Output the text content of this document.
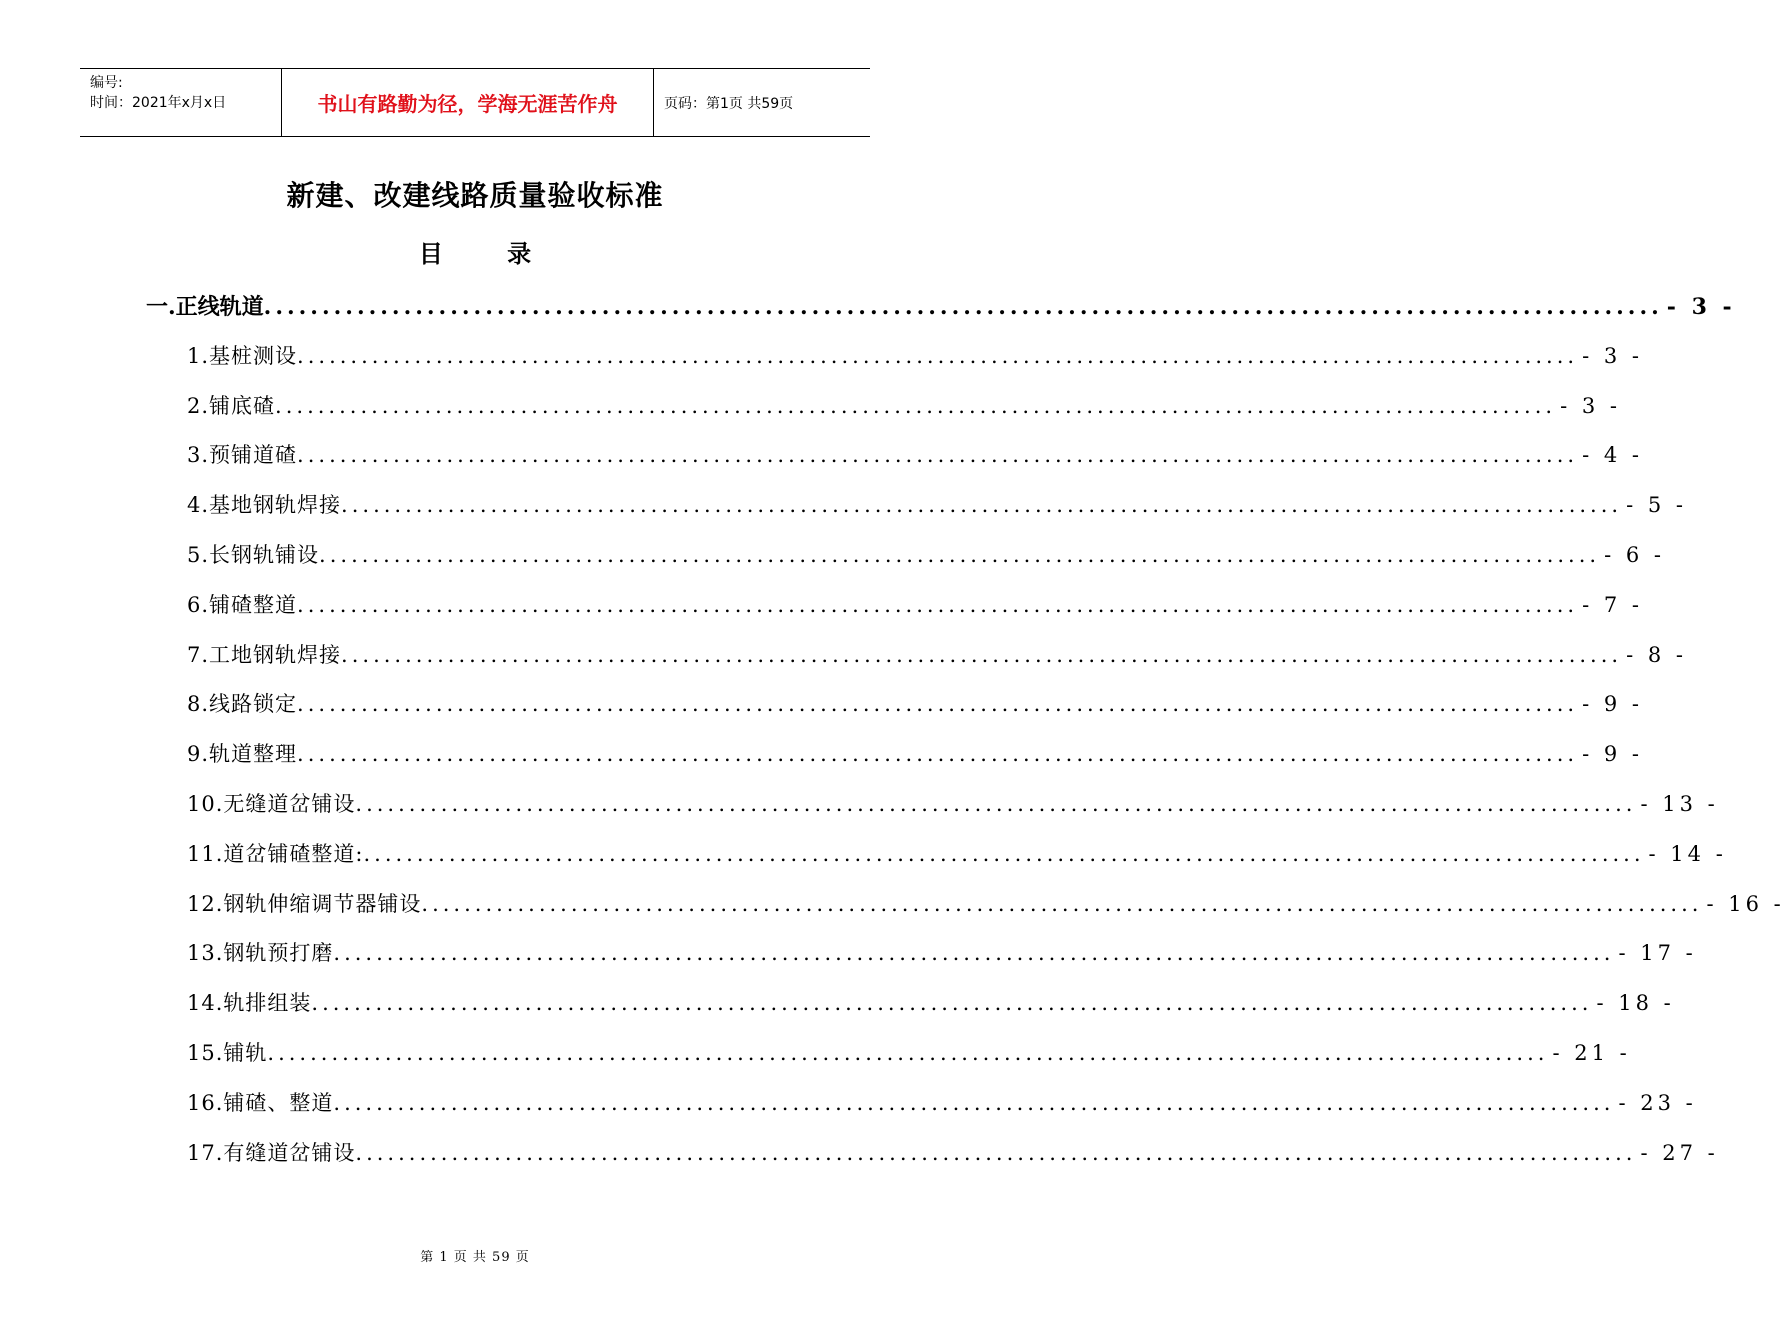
编号:
时间：2021年x月x日	书山有路勤为径，学海无涯苦作舟	页码：第1页 共59页
新建、改建线路质量验收标准
目 录
一.正线轨道 ........................................................................................................................ - 3 -
1.基桩测设 ........................................................................................................................ - 3 -
2.铺底碴 ........................................................................................................................ - 3 -
3.预铺道碴 ........................................................................................................................ - 4 -
4.基地钢轨焊接 ........................................................................................................................ - 5 -
5.长钢轨铺设 ........................................................................................................................ - 6 -
6.铺碴整道 ........................................................................................................................ - 7 -
7.工地钢轨焊接 ........................................................................................................................ - 8 -
8.线路锁定 ........................................................................................................................ - 9 -
9.轨道整理 ........................................................................................................................ - 9 -
10.无缝道岔铺设 ........................................................................................................................ - 13 -
11.道岔铺碴整道: ........................................................................................................................ - 14 -
12.钢轨伸缩调节器铺设 ........................................................................................................................ - 16 -
13.钢轨预打磨 ........................................................................................................................ - 17 -
14.轨排组装 ........................................................................................................................ - 18 -
15.铺轨 ........................................................................................................................ - 21 -
16.铺碴、整道 ........................................................................................................................ - 23 -
17.有缝道岔铺设 ........................................................................................................................ - 27 -
第 1 页 共 59 页
